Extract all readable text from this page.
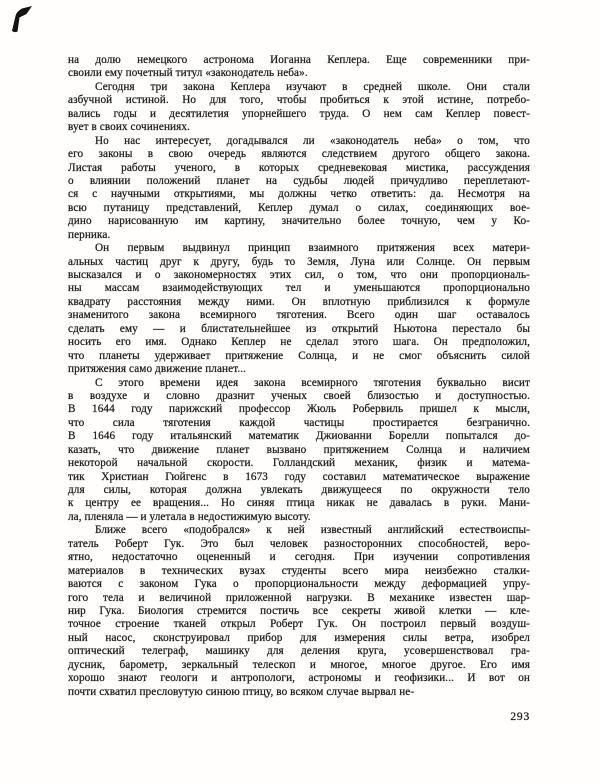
на долю немецкого астронома Иоганна Кеплера. Еще современники при-
своили ему почетный титул «законодатель неба».
Сегодня три закона Кеплера изучают в средней школе. Они стали
азбучной истиной. Но для того, чтобы пробиться к этой истине, потребо-
вались годы и десятилетия упорнейшего труда. О нем сам Кеплер повест-
вует в своих сочинениях.
Но нас интересует, догадывался ли «законодатель неба» о том, что
его законы в свою очередь являются следствием другого общего закона.
Листая работы ученого, в которых средневековая мистика, рассуждения
о влиянии положений планет на судьбы людей причудливо переплетают-
ся с научными открытиями, мы должны четко ответить: да. Несмотря на
всю путаницу представлений, Кеплер думал о силах, соединяющих вое-
дино нарисованную им картину, значительно более точную, чем у Ко-
перника.
Он первым выдвинул принцип взаимного притяжения всех матери-
альных частиц друг к другу, будь то Земля, Луна или Солнце. Он первым
высказался и о закономерностях этих сил, о том, что они пропорциональ-
ны массам взаимодействующих тел и уменьшаются пропорционально
квадрату расстояния между ними. Он вплотную приблизился к формуле
знаменитого закона всемирного тяготения. Всего один шаг оставалось
сделать ему — и блистательнейшее из открытий Ньютона перестало бы
носить его имя. Однако Кеплер не сделал этого шага. Он предположил,
что планеты удерживает притяжение Солнца, и не смог объяснить силой
притяжения само движение планет...
С этого времени идея закона всемирного тяготения буквально висит
в воздухе и словно дразнит ученых своей близостью и доступностью.
В 1644 году парижский профессор Жюль Робервиль пришел к мысли,
что сила тяготения каждой частицы простирается безгранично.
В 1646 году итальянский математик Джиованни Борелли попытался до-
казать, что движение планет вызвано притяжением Солнца и наличием
некоторой начальной скорости. Голландский механик, физик и матема-
тик Христиан Гюйгенс в 1673 году составил математическое выражение
для силы, которая должна увлекать движущееся по окружности тело
к центру ее вращения... Но синяя птица никак не давалась в руки. Мани-
ла, пленяла — и улетала в недостижимую высоту.
Ближе всего «подобрался» к ней известный английский естествоиспы-
татель Роберт Гук. Это был человек разносторонних способностей, веро-
ятно, недостаточно оцененный и сегодня. При изучении сопротивления
материалов в технических вузах студенты всего мира неизбежно сталки-
ваются с законом Гука о пропорциональности между деформацией упру-
гого тела и величиной приложенной нагрузки. В механике известен шар-
нир Гука. Биология стремится постичь все секреты живой клетки — кле-
точное строение тканей открыл Роберт Гук. Он построил первый воздуш-
ный насос, сконструировал прибор для измерения силы ветра, изобрел
оптический телеграф, машинку для деления круга, усовершенствовал гра-
дусник, барометр, зеркальный телескоп и многое, многое другое. Его имя
хорошо знают геологи и антропологи, астрономы и геофизики... И вот он
почти схватил пресловутую синюю птицу, во всяком случае вырвал не-
293
